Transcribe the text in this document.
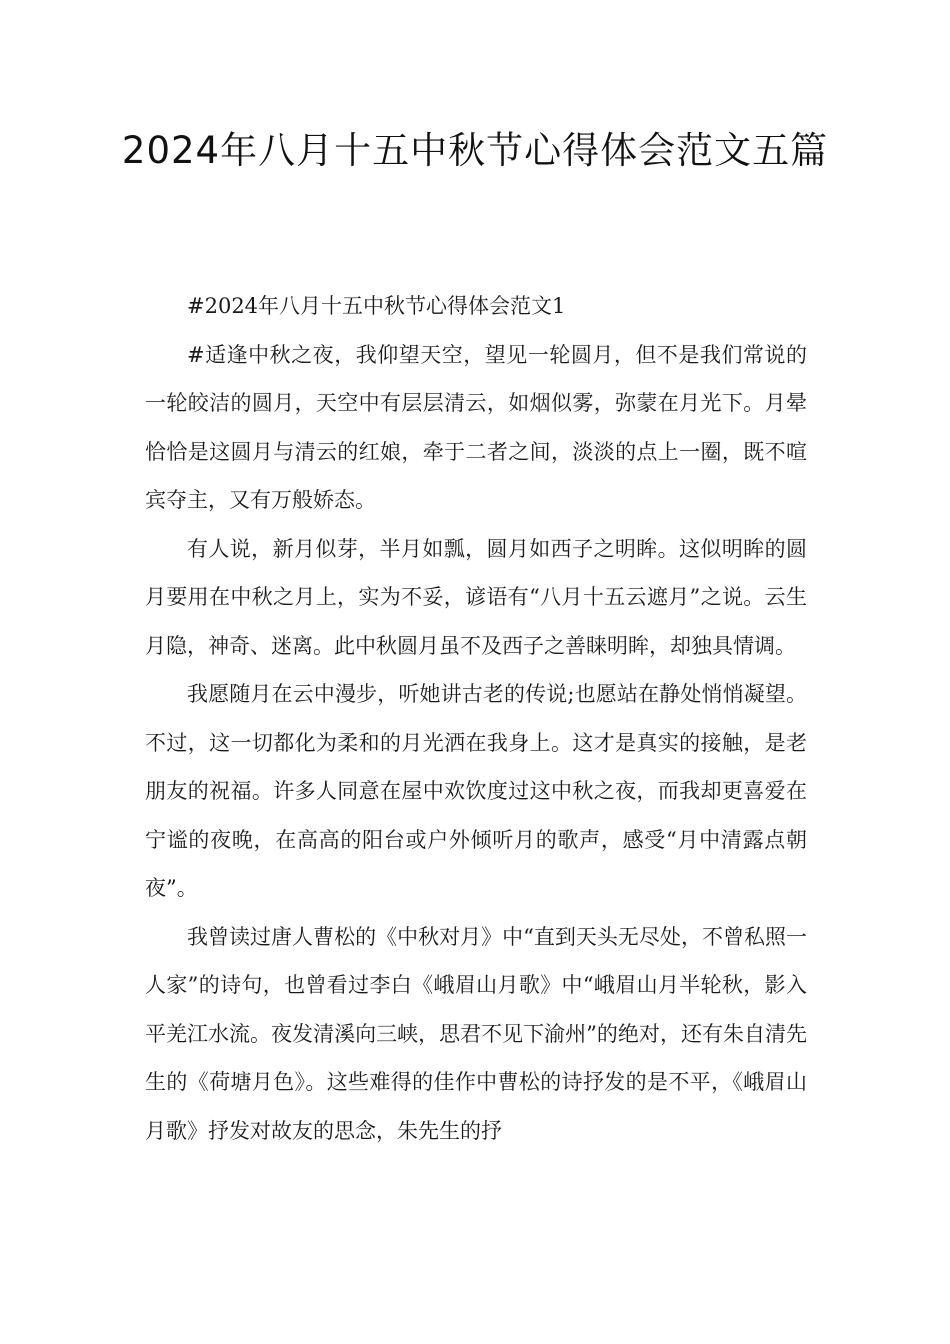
2024年八月十五中秋节心得体会范文五篇

#2024年八月十五中秋节心得体会范文1

#适逢中秋之夜，我仰望天空，望见一轮圆月，但不是我们常说的一轮皎洁的圆月，天空中有层层清云，如烟似雾，弥蒙在月光下。月晕恰恰是这圆月与清云的红娘，牵于二者之间，淡淡的点上一圈，既不喧宾夺主，又有万般娇态。

有人说，新月似芽，半月如瓢，圆月如西子之明眸。这似明眸的圆月要用在中秋之月上，实为不妥，谚语有“八月十五云遮月”之说。云生月隐，神奇、迷离。此中秋圆月虽不及西子之善睐明眸，却独具情调。

我愿随月在云中漫步，听她讲古老的传说;也愿站在静处悄悄凝望。不过，这一切都化为柔和的月光洒在我身上。这才是真实的接触，是老朋友的祝福。许多人同意在屋中欢饮度过这中秋之夜，而我却更喜爱在宁谧的夜晚，在高高的阳台或户外倾听月的歌声，感受“月中清露点朝夜”。

我曾读过唐人曹松的《中秋对月》中“直到天头无尽处，不曾私照一人家”的诗句，也曾看过李白《峨眉山月歌》中“峨眉山月半轮秋，影入平羌江水流。夜发清溪向三峡，思君不见下渝州”的绝对，还有朱自清先生的《荷塘月色》。这些难得的佳作中曹松的诗抒发的是不平，《峨眉山月歌》抒发对故友的思念，朱先生的抒
